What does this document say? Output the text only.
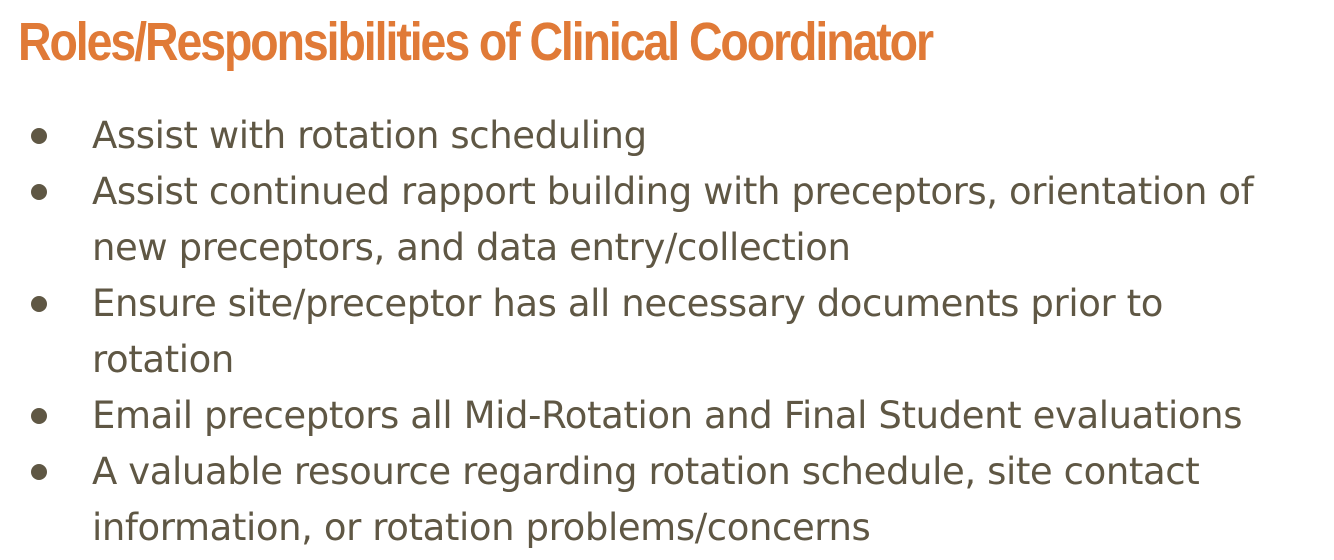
Roles/Responsibilities of Clinical Coordinator
Assist with rotation scheduling
Assist continued rapport building with preceptors, orientation of
new preceptors, and data entry/collection
Ensure site/preceptor has all necessary documents prior to
rotation
Email preceptors all Mid-Rotation and Final Student evaluations
A valuable resource regarding rotation schedule, site contact
information, or rotation problems/concerns
